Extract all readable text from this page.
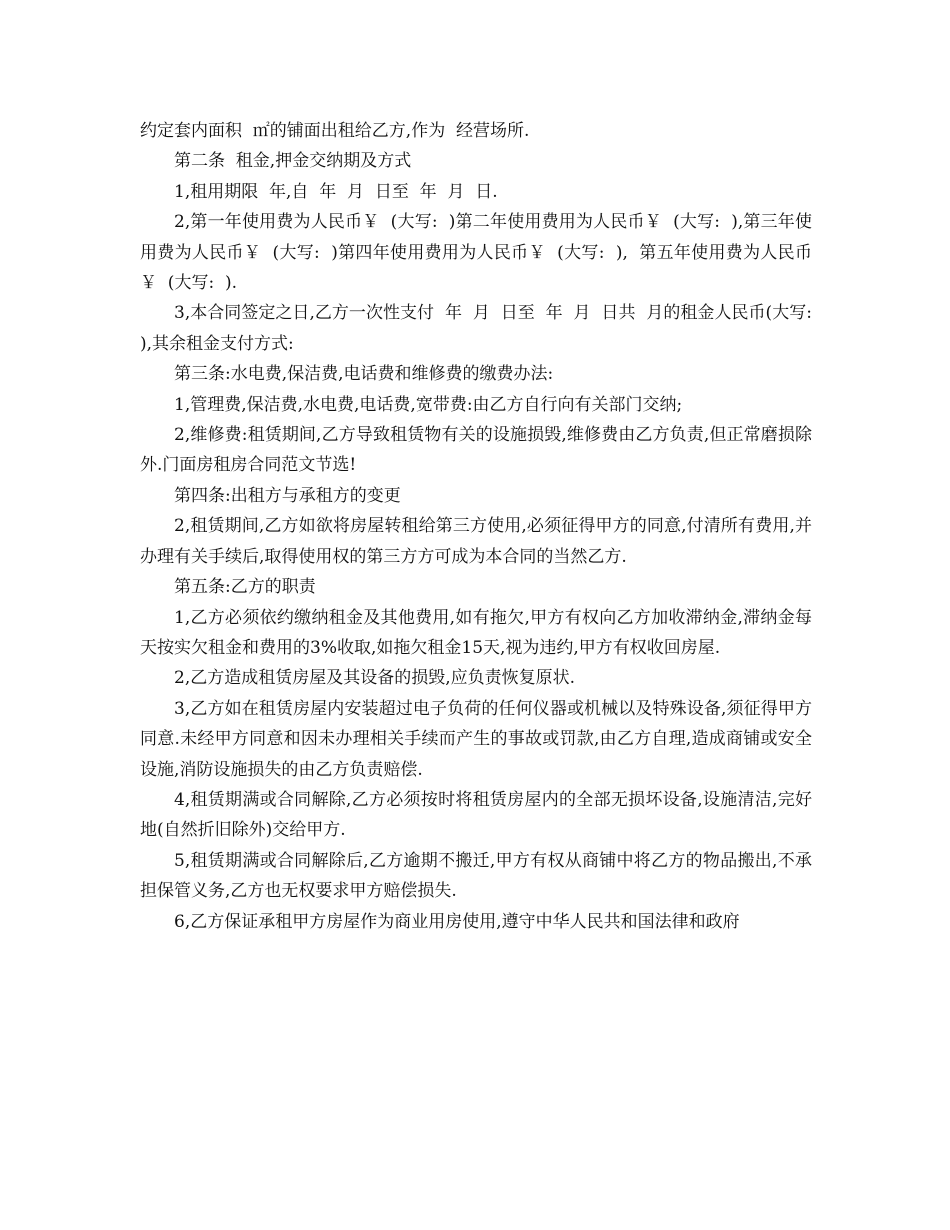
约定套内面积  ㎡的铺面出租给乙方,作为  经营场所.

第二条  租金,押金交纳期及方式

1,租用期限  年,自  年  月  日至  年  月  日.

2,第一年使用费为人民币￥  (大写:  )第二年使用费用为人民币￥  (大写:  ),第三年使用费为人民币￥  (大写:  )第四年使用费用为人民币￥  (大写:  ),  第五年使用费为人民币￥  (大写:  ).

3,本合同签定之日,乙方一次性支付  年  月  日至  年  月  日共  月的租金人民币(大写:  ),其余租金支付方式:

第三条:水电费,保洁费,电话费和维修费的缴费办法:

1,管理费,保洁费,水电费,电话费,宽带费:由乙方自行向有关部门交纳;

2,维修费:租赁期间,乙方导致租赁物有关的设施损毁,维修费由乙方负责,但正常磨损除外.门面房租房合同范文节选!

第四条:出租方与承租方的变更

2,租赁期间,乙方如欲将房屋转租给第三方使用,必须征得甲方的同意,付清所有费用,并办理有关手续后,取得使用权的第三方方可成为本合同的当然乙方.

第五条:乙方的职责

1,乙方必须依约缴纳租金及其他费用,如有拖欠,甲方有权向乙方加收滞纳金,滞纳金每天按实欠租金和费用的3%收取,如拖欠租金15天,视为违约,甲方有权收回房屋.

2,乙方造成租赁房屋及其设备的损毁,应负责恢复原状.

3,乙方如在租赁房屋内安装超过电子负荷的任何仪器或机械以及特殊设备,须征得甲方同意.未经甲方同意和因未办理相关手续而产生的事故或罚款,由乙方自理,造成商铺或安全设施,消防设施损失的由乙方负责赔偿.

4,租赁期满或合同解除,乙方必须按时将租赁房屋内的全部无损坏设备,设施清洁,完好地(自然折旧除外)交给甲方.

5,租赁期满或合同解除后,乙方逾期不搬迁,甲方有权从商铺中将乙方的物品搬出,不承担保管义务,乙方也无权要求甲方赔偿损失.

6,乙方保证承租甲方房屋作为商业用房使用,遵守中华人民共和国法律和政府
